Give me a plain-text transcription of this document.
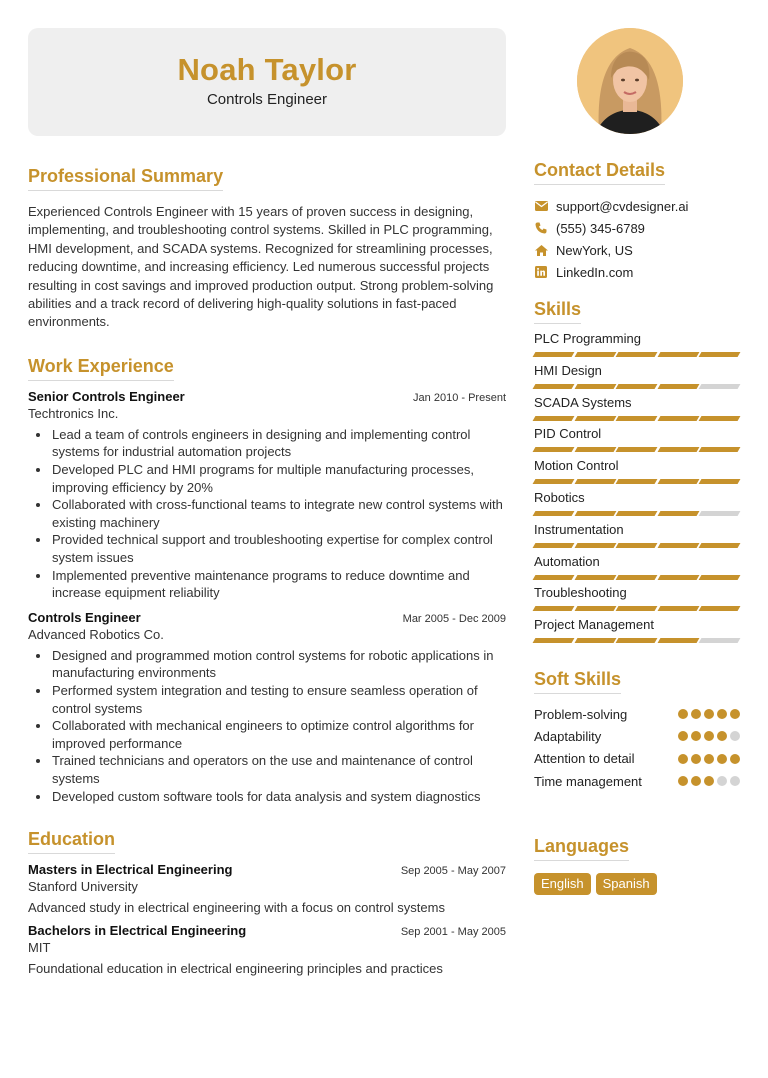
Noah Taylor
Controls Engineer
Professional Summary
Experienced Controls Engineer with 15 years of proven success in designing, implementing, and troubleshooting control systems. Skilled in PLC programming, HMI development, and SCADA systems. Recognized for streamlining processes, reducing downtime, and increasing efficiency. Led numerous successful projects resulting in cost savings and improved production output. Strong problem-solving abilities and a track record of delivering high-quality solutions in fast-paced environments.
Work Experience
Senior Controls Engineer	Jan 2010 - Present
Techtronics Inc.
Lead a team of controls engineers in designing and implementing control systems for industrial automation projects
Developed PLC and HMI programs for multiple manufacturing processes, improving efficiency by 20%
Collaborated with cross-functional teams to integrate new control systems with existing machinery
Provided technical support and troubleshooting expertise for complex control system issues
Implemented preventive maintenance programs to reduce downtime and increase equipment reliability
Controls Engineer	Mar 2005 - Dec 2009
Advanced Robotics Co.
Designed and programmed motion control systems for robotic applications in manufacturing environments
Performed system integration and testing to ensure seamless operation of control systems
Collaborated with mechanical engineers to optimize control algorithms for improved performance
Trained technicians and operators on the use and maintenance of control systems
Developed custom software tools for data analysis and system diagnostics
Education
Masters in Electrical Engineering	Sep 2005 - May 2007
Stanford University
Advanced study in electrical engineering with a focus on control systems
Bachelors in Electrical Engineering	Sep 2001 - May 2005
MIT
Foundational education in electrical engineering principles and practices
Contact Details
support@cvdesigner.ai
(555) 345-6789
NewYork, US
LinkedIn.com
Skills
PLC Programming
HMI Design
SCADA Systems
PID Control
Motion Control
Robotics
Instrumentation
Automation
Troubleshooting
Project Management
Soft Skills
Problem-solving
Adaptability
Attention to detail
Time management
Languages
English	Spanish
